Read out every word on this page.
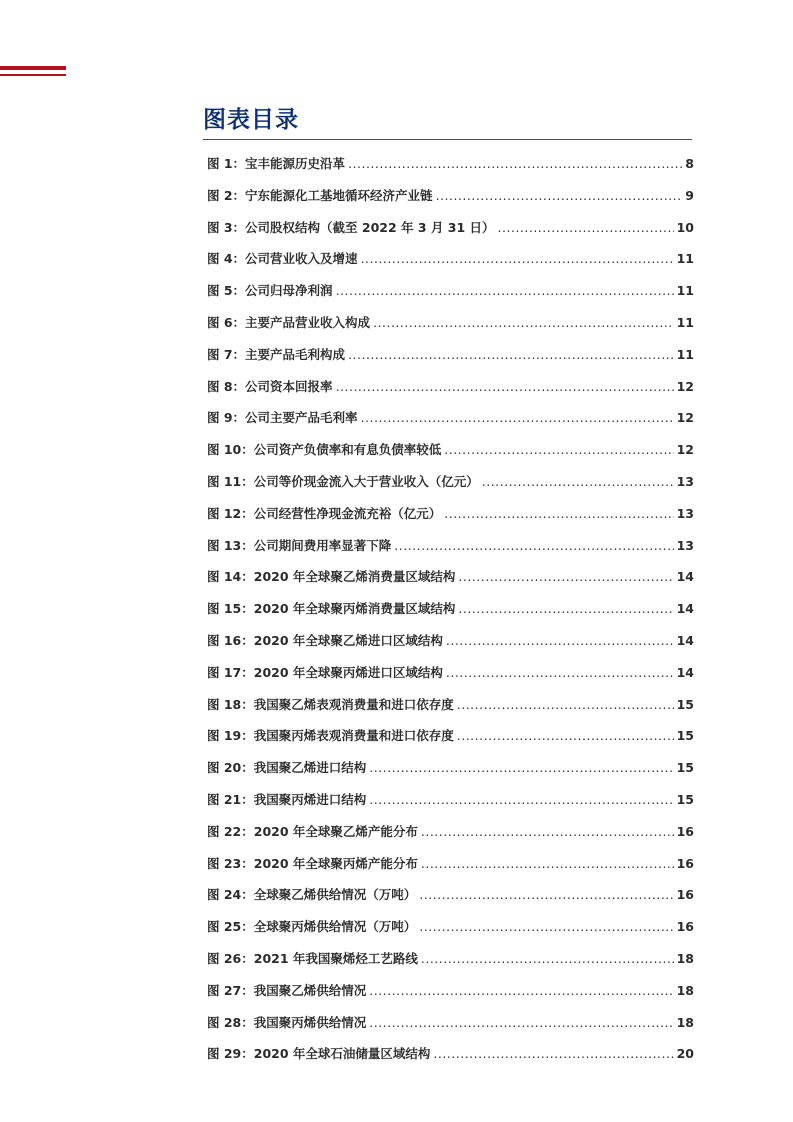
图表目录
图 1：宝丰能源历史沿革 .....	8
图 2：宁东能源化工基地循环经济产业链 .....	9
图 3：公司股权结构（截至 2022 年 3 月 31 日） .....	10
图 4：公司营业收入及增速 .....	11
图 5：公司归母净利润 .....	11
图 6：主要产品营业收入构成 .....	11
图 7：主要产品毛利构成 .....	11
图 8：公司资本回报率 .....	12
图 9：公司主要产品毛利率 .....	12
图 10：公司资产负债率和有息负债率较低 .....	12
图 11：公司等价现金流入大于营业收入（亿元） .....	13
图 12：公司经营性净现金流充裕（亿元） .....	13
图 13：公司期间费用率显著下降 .....	13
图 14：2020 年全球聚乙烯消费量区域结构 .....	14
图 15：2020 年全球聚丙烯消费量区域结构 .....	14
图 16：2020 年全球聚乙烯进口区域结构 .....	14
图 17：2020 年全球聚丙烯进口区域结构 .....	14
图 18：我国聚乙烯表观消费量和进口依存度 .....	15
图 19：我国聚丙烯表观消费量和进口依存度 .....	15
图 20：我国聚乙烯进口结构 .....	15
图 21：我国聚丙烯进口结构 .....	15
图 22：2020 年全球聚乙烯产能分布 .....	16
图 23：2020 年全球聚丙烯产能分布 .....	16
图 24：全球聚乙烯供给情况（万吨） .....	16
图 25：全球聚丙烯供给情况（万吨） .....	16
图 26：2021 年我国聚烯烃工艺路线 .....	18
图 27：我国聚乙烯供给情况 .....	18
图 28：我国聚丙烯供给情况 .....	18
图 29：2020 年全球石油储量区域结构 .....	20
